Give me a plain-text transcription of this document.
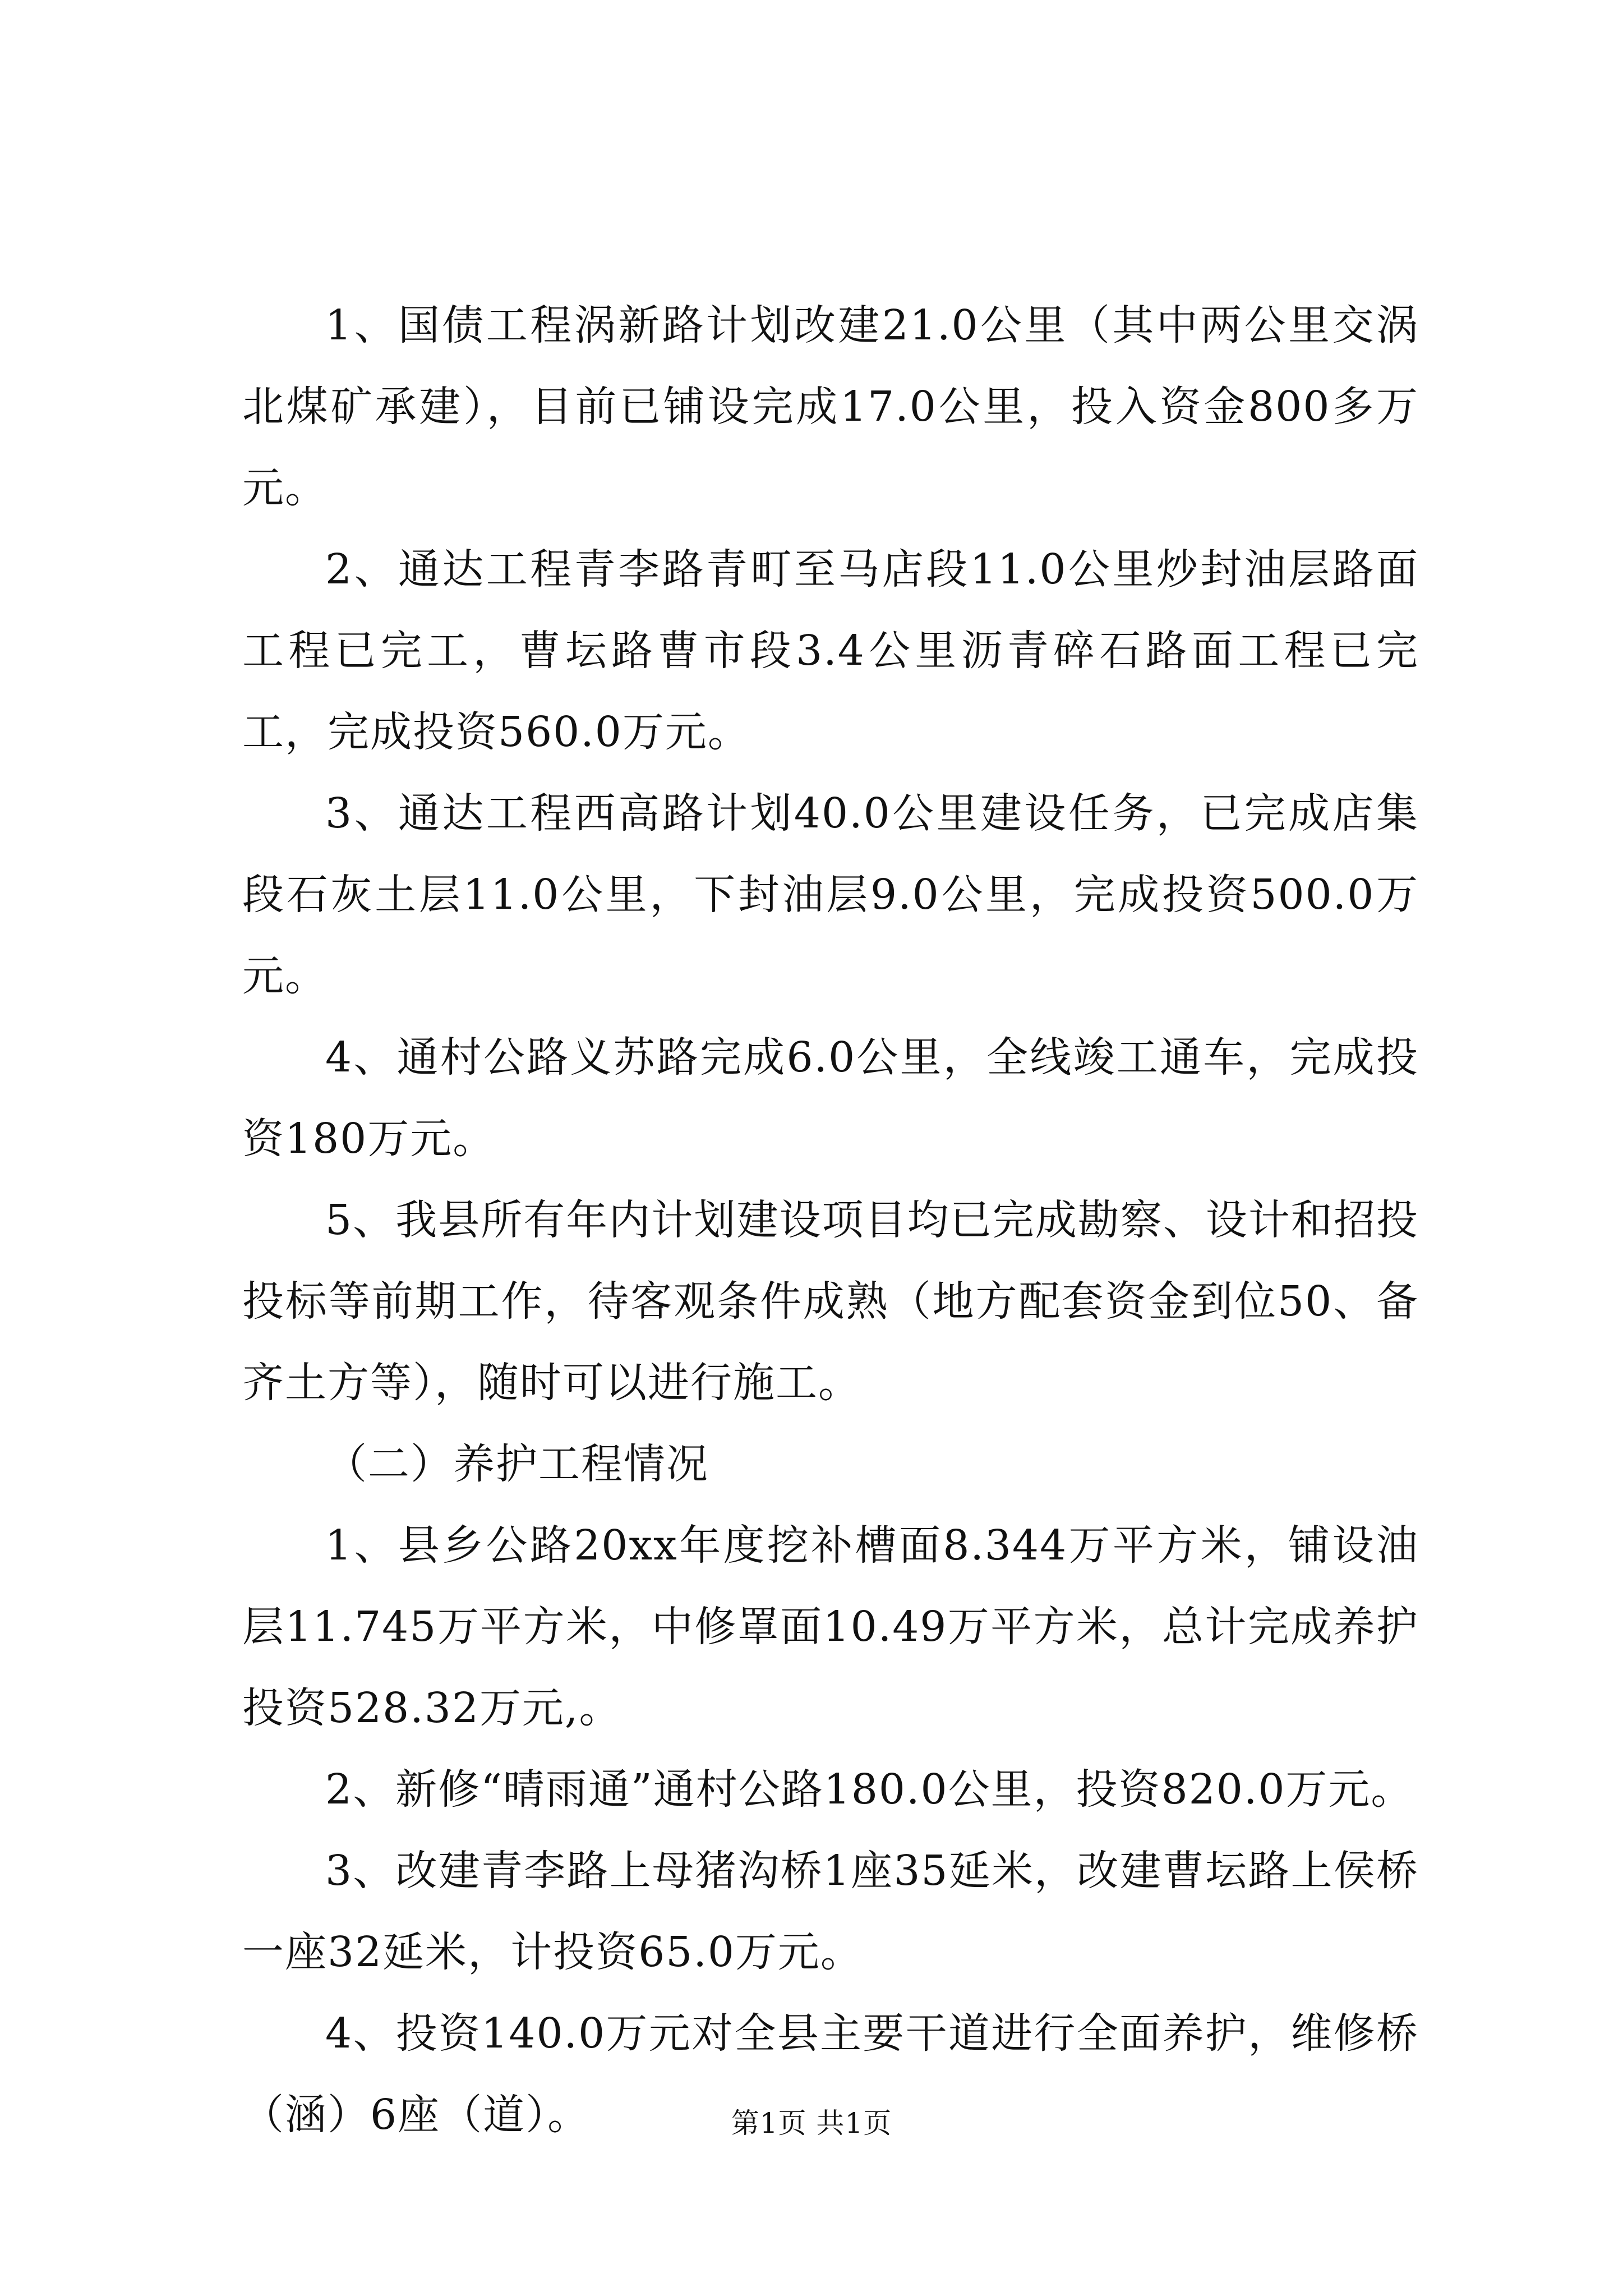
1、国债工程涡新路计划改建21.0公里（其中两公里交涡北煤矿承建），目前已铺设完成17.0公里，投入资金800多万元。

2、通达工程青李路青町至马店段11.0公里炒封油层路面工程已完工，曹坛路曹市段3.4公里沥青碎石路面工程已完工，完成投资560.0万元。

3、通达工程西高路计划40.0公里建设任务，已完成店集段石灰土层11.0公里，下封油层9.0公里，完成投资500.0万元。

4、通村公路义苏路完成6.0公里，全线竣工通车，完成投资180万元。

5、我县所有年内计划建设项目均已完成勘察、设计和招投投标等前期工作，待客观条件成熟（地方配套资金到位50、备齐土方等），随时可以进行施工。

（二）养护工程情况

1、县乡公路20xx年度挖补槽面8.344万平方米，铺设油层11.745万平方米，中修罩面10.49万平方米，总计完成养护投资528.32万元,。

2、新修“晴雨通”通村公路180.0公里，投资820.0万元。

3、改建青李路上母猪沟桥1座35延米，改建曹坛路上侯桥一座32延米，计投资65.0万元。

4、投资140.0万元对全县主要干道进行全面养护，维修桥（涵）6座（道）。	第1页 共1页
